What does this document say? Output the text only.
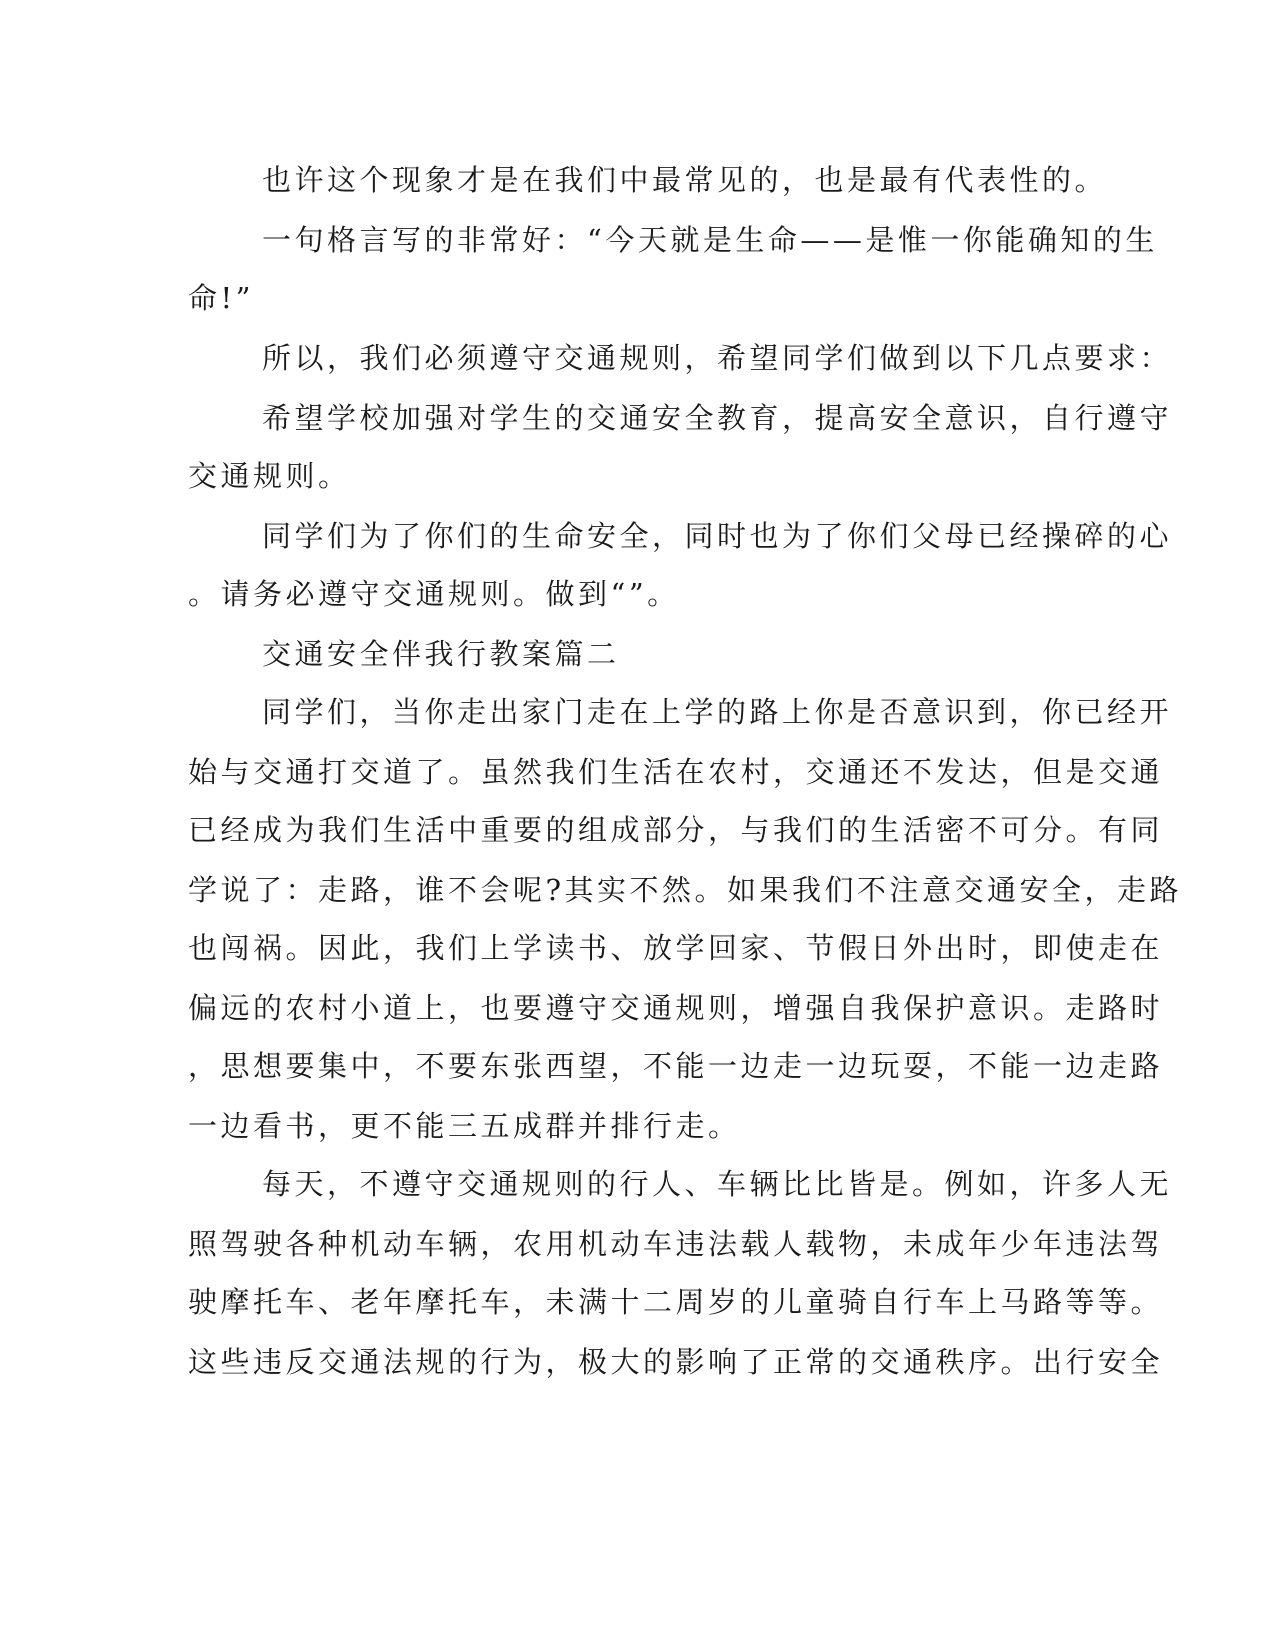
也许这个现象才是在我们中最常见的，也是最有代表性的。
一句格言写的非常好：“今天就是生命——是惟一你能确知的生
命!”
所以，我们必须遵守交通规则，希望同学们做到以下几点要求：
希望学校加强对学生的交通安全教育，提高安全意识，自行遵守
交通规则。
同学们为了你们的生命安全，同时也为了你们父母已经操碎的心
。请务必遵守交通规则。做到“”。
交通安全伴我行教案篇二
同学们，当你走出家门走在上学的路上你是否意识到，你已经开
始与交通打交道了。虽然我们生活在农村，交通还不发达，但是交通
已经成为我们生活中重要的组成部分，与我们的生活密不可分。有同
学说了：走路，谁不会呢?其实不然。如果我们不注意交通安全，走路
也闯祸。因此，我们上学读书、放学回家、节假日外出时，即使走在
偏远的农村小道上，也要遵守交通规则，增强自我保护意识。走路时
，思想要集中，不要东张西望，不能一边走一边玩耍，不能一边走路
一边看书，更不能三五成群并排行走。
每天，不遵守交通规则的行人、车辆比比皆是。例如，许多人无
照驾驶各种机动车辆，农用机动车违法载人载物，未成年少年违法驾
驶摩托车、老年摩托车，未满十二周岁的儿童骑自行车上马路等等。
这些违反交通法规的行为，极大的影响了正常的交通秩序。出行安全
